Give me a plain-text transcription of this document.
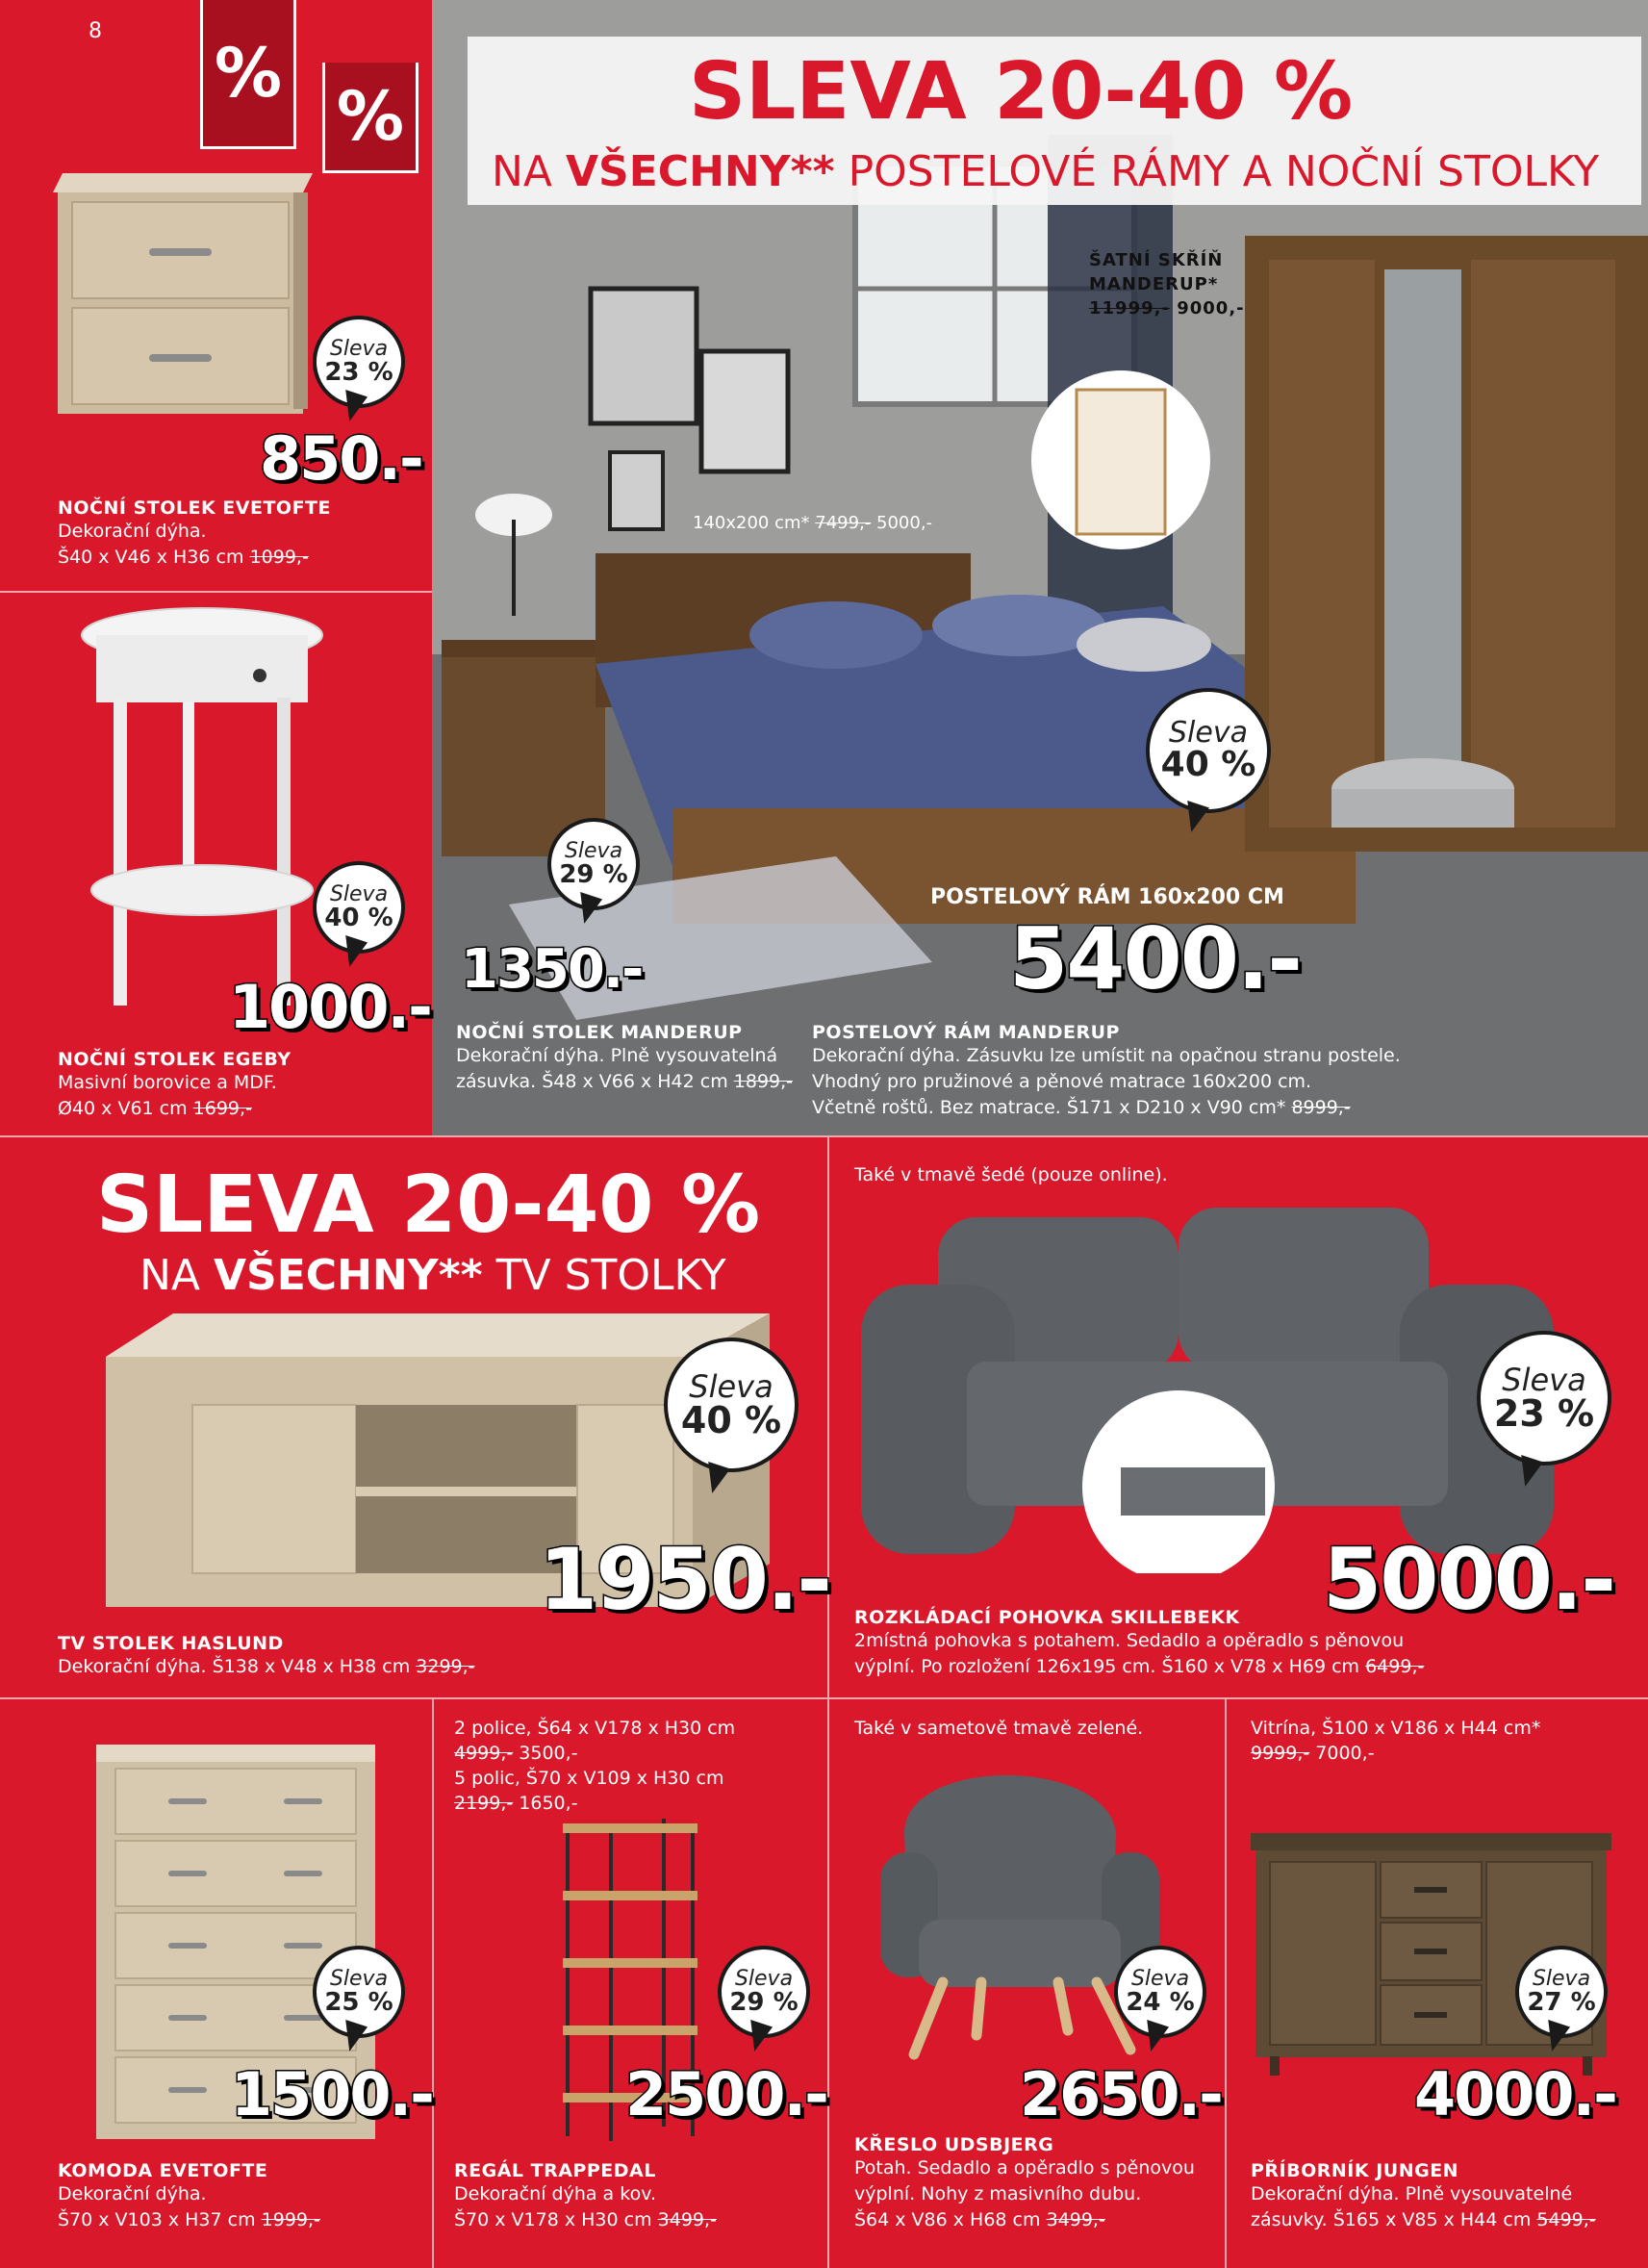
8
%
%	SLEVA 20-40 %
NA VŠECHNY** POSTELOVÉ RÁMY A NOČNÍ STOLKY
ŠATNÍ SKŘÍŇ
MANDERUP*
11999,- 9000,-
140x200 cm* 7499,- 5000,-
Sleva
40 %
POSTELOVÝ RÁM 160x200 CM
5400.-
Sleva
29 %
1350.-
NOČNÍ STOLEK MANDERUP
Dekorační dýha. Plně vysouvatelná
zásuvka. Š48 x V66 x H42 cm 1899,-
POSTELOVÝ RÁM MANDERUP
Dekorační dýha. Zásuvku lze umístit na opačnou stranu postele.
Vhodný pro pružinové a pěnové matrace 160x200 cm.
Včetně roštů. Bez matrace. Š171 x D210 x V90 cm* 8999,-
Sleva
23 %
850.-
NOČNÍ STOLEK EVETOFTE
Dekorační dýha.
Š40 x V46 x H36 cm 1099,-
Sleva
40 %
1000.-
NOČNÍ STOLEK EGEBY
Masivní borovice a MDF.
Ø40 x V61 cm 1699,-
SLEVA 20-40 %
NA VŠECHNY** TV STOLKY
Sleva
40 %
1950.-
TV STOLEK HASLUND
Dekorační dýha. Š138 x V48 x H38 cm 3299,-
Také v tmavě šedé (pouze online).
Sleva
23 %
5000.-
ROZKLÁDACÍ POHOVKA SKILLEBEKK
2místná pohovka s potahem. Sedadlo a opěradlo s pěnovou
výplní. Po rozložení 126x195 cm. Š160 x V78 x H69 cm 6499,-
Sleva
25 %
1500.-
KOMODA EVETOFTE
Dekorační dýha.
Š70 x V103 x H37 cm 1999,-
2 police, Š64 x V178 x H30 cm
4999,- 3500,-
5 polic, Š70 x V109 x H30 cm
2199,- 1650,-
Sleva
29 %
2500.-
REGÁL TRAPPEDAL
Dekorační dýha a kov.
Š70 x V178 x H30 cm 3499,-
Také v sametově tmavě zelené.
Sleva
24 %
2650.-
KŘESLO UDSBJERG
Potah. Sedadlo a opěradlo s pěnovou
výplní. Nohy z masivního dubu.
Š64 x V86 x H68 cm 3499,-
Vitrína, Š100 x V186 x H44 cm*
9999,- 7000,-
Sleva
27 %
4000.-
PŘÍBORNÍK JUNGEN
Dekorační dýha. Plně vysouvatelné
zásuvky. Š165 x V85 x H44 cm 5499,-
